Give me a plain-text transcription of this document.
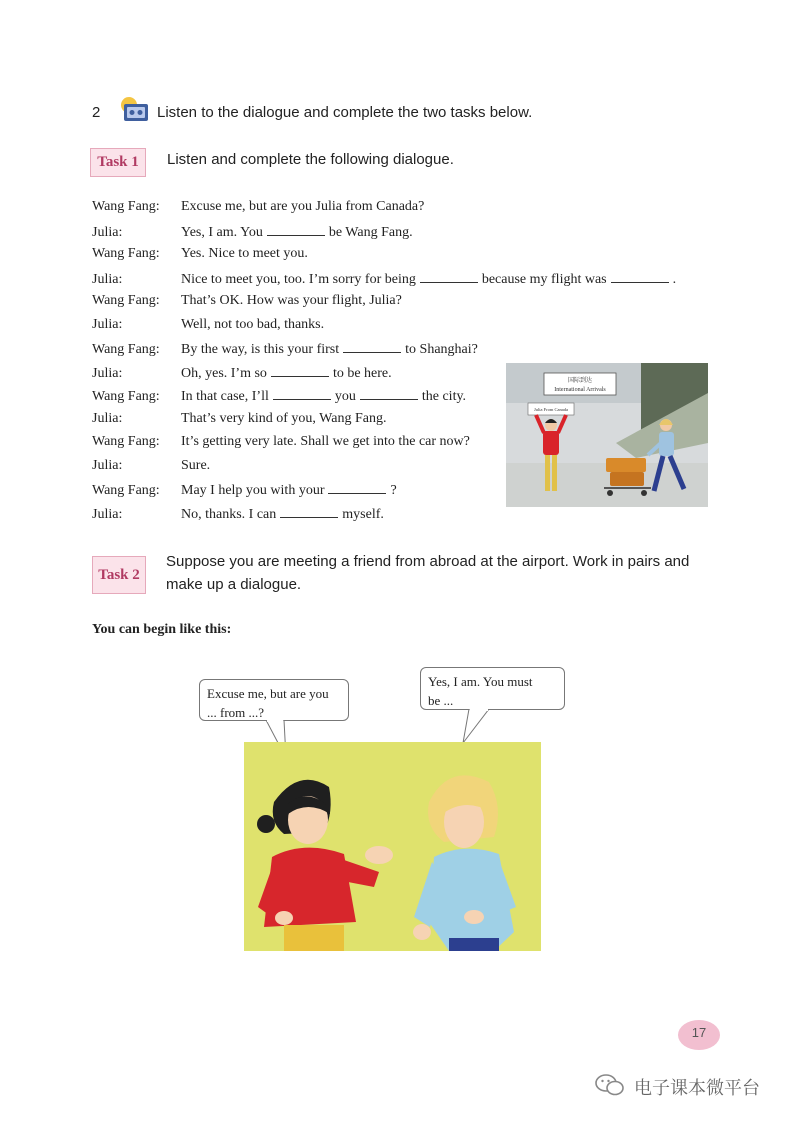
2	Listen to the dialogue and complete the two tasks below.
Task 1	Listen and complete the following dialogue.
Wang Fang: Excuse me, but are you Julia from Canada?
Julia:	Yes, I am. You	be Wang Fang.
Wang Fang: Yes. Nice to meet you.
Julia:	Nice to meet you, too. I’m sorry for being	because my flight was	.
Wang Fang: That’s OK. How was your flight, Julia?
Julia:	Well, not too bad, thanks.
Wang Fang: By the way, is this your first	to Shanghai?
Julia:	Oh, yes. I’m so	to be here.
Wang Fang: In that case, I’ll	you	the city.
Julia:	That’s very kind of you, Wang Fang.
Wang Fang: It’s getting very late. Shall we get into the car now?
Julia:	Sure.
Wang Fang: May I help you with your	?
Julia:	No, thanks. I can	myself.
国际到达
International Arrivals
Julia From Canada
Task 2
Suppose you are meeting a friend from abroad at the airport. Work in pairs and make up a dialogue.
You can begin like this:
Excuse me, but are you
... from ...?
Yes, I am. You must
be ...
17
电子课本微平台
